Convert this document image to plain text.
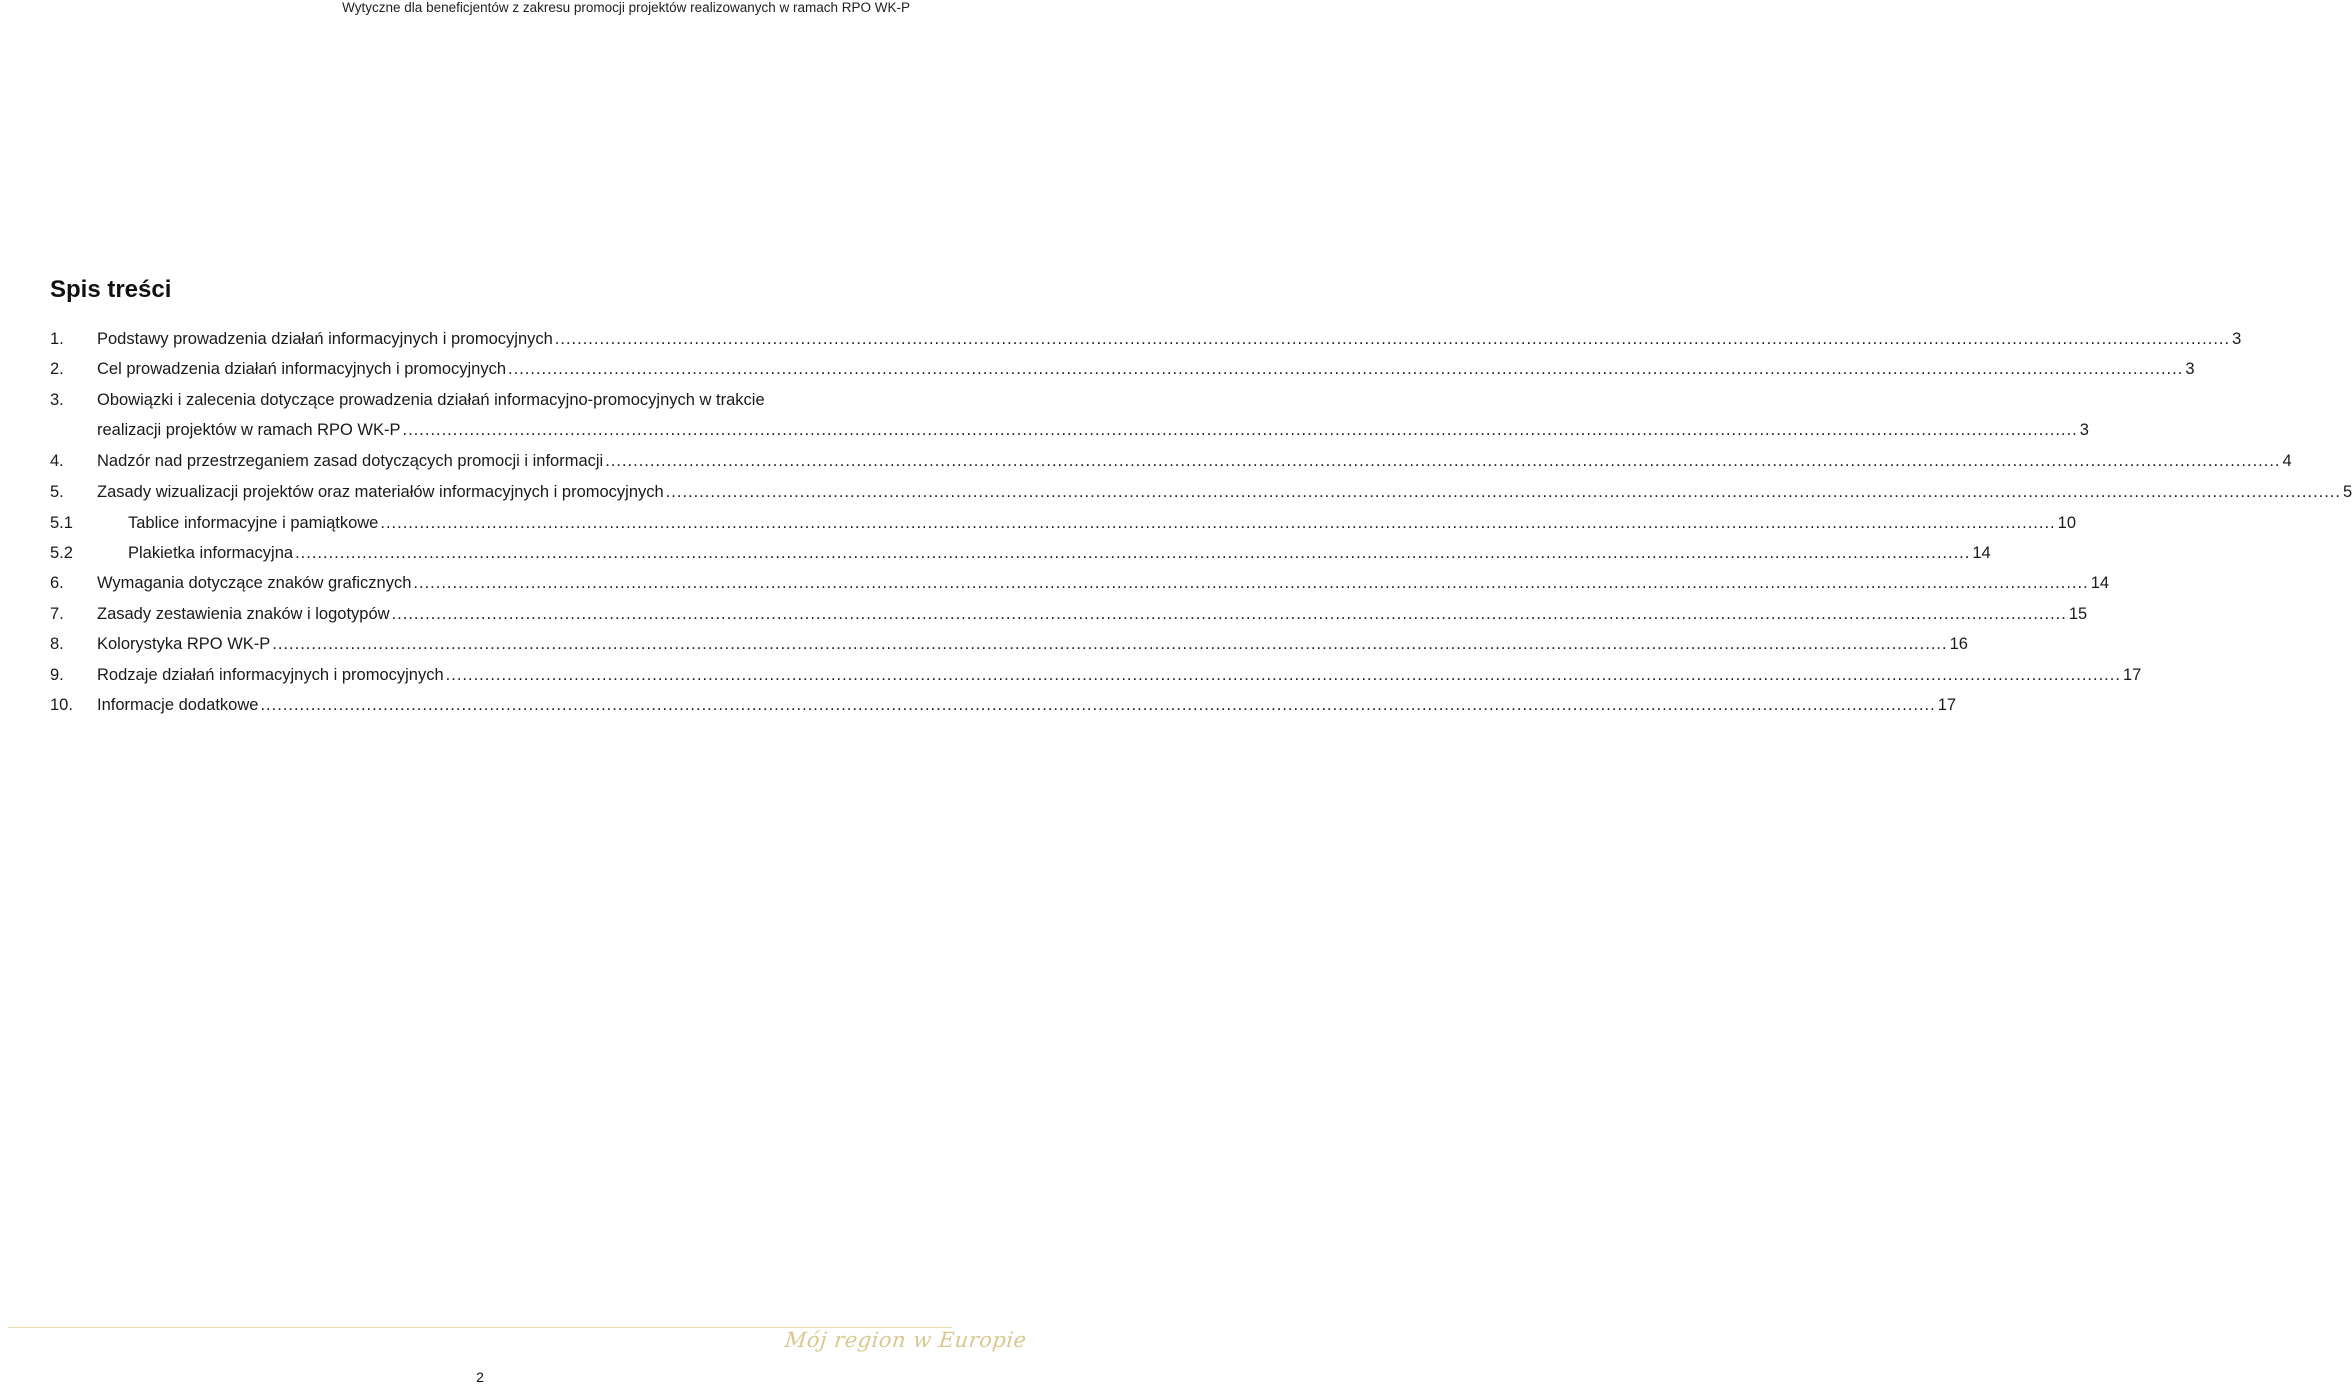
Wytyczne dla beneficjentów z zakresu promocji projektów realizowanych w ramach RPO WK-P
Spis treści
1.	Podstawy prowadzenia działań informacyjnych i promocyjnych ............................................................................................................................................................................................................................................................................................................ 3
2.	Cel prowadzenia działań informacyjnych i promocyjnych ............................................................................................................................................................................................................................................................................................................ 3
3.	Obowiązki i zalecenia dotyczące prowadzenia działań informacyjno-promocyjnych w trakcie
realizacji projektów w ramach RPO WK-P ............................................................................................................................................................................................................................................................................................................ 3
4.	Nadzór nad przestrzeganiem zasad dotyczących promocji i informacji ............................................................................................................................................................................................................................................................................................................ 4
5.	Zasady wizualizacji projektów oraz materiałów informacyjnych i promocyjnych ............................................................................................................................................................................................................................................................................................................ 5
5.1	Tablice informacyjne i pamiątkowe ............................................................................................................................................................................................................................................................................................................ 10
5.2	Plakietka informacyjna ............................................................................................................................................................................................................................................................................................................ 14
6.	Wymagania dotyczące znaków graficznych ............................................................................................................................................................................................................................................................................................................ 14
7.	Zasady zestawienia znaków i logotypów ............................................................................................................................................................................................................................................................................................................ 15
8.	Kolorystyka RPO WK-P ............................................................................................................................................................................................................................................................................................................ 16
9.	Rodzaje działań informacyjnych i promocyjnych ............................................................................................................................................................................................................................................................................................................ 17
10.	Informacje dodatkowe ............................................................................................................................................................................................................................................................................................................ 17
Mój region w Europie
2
